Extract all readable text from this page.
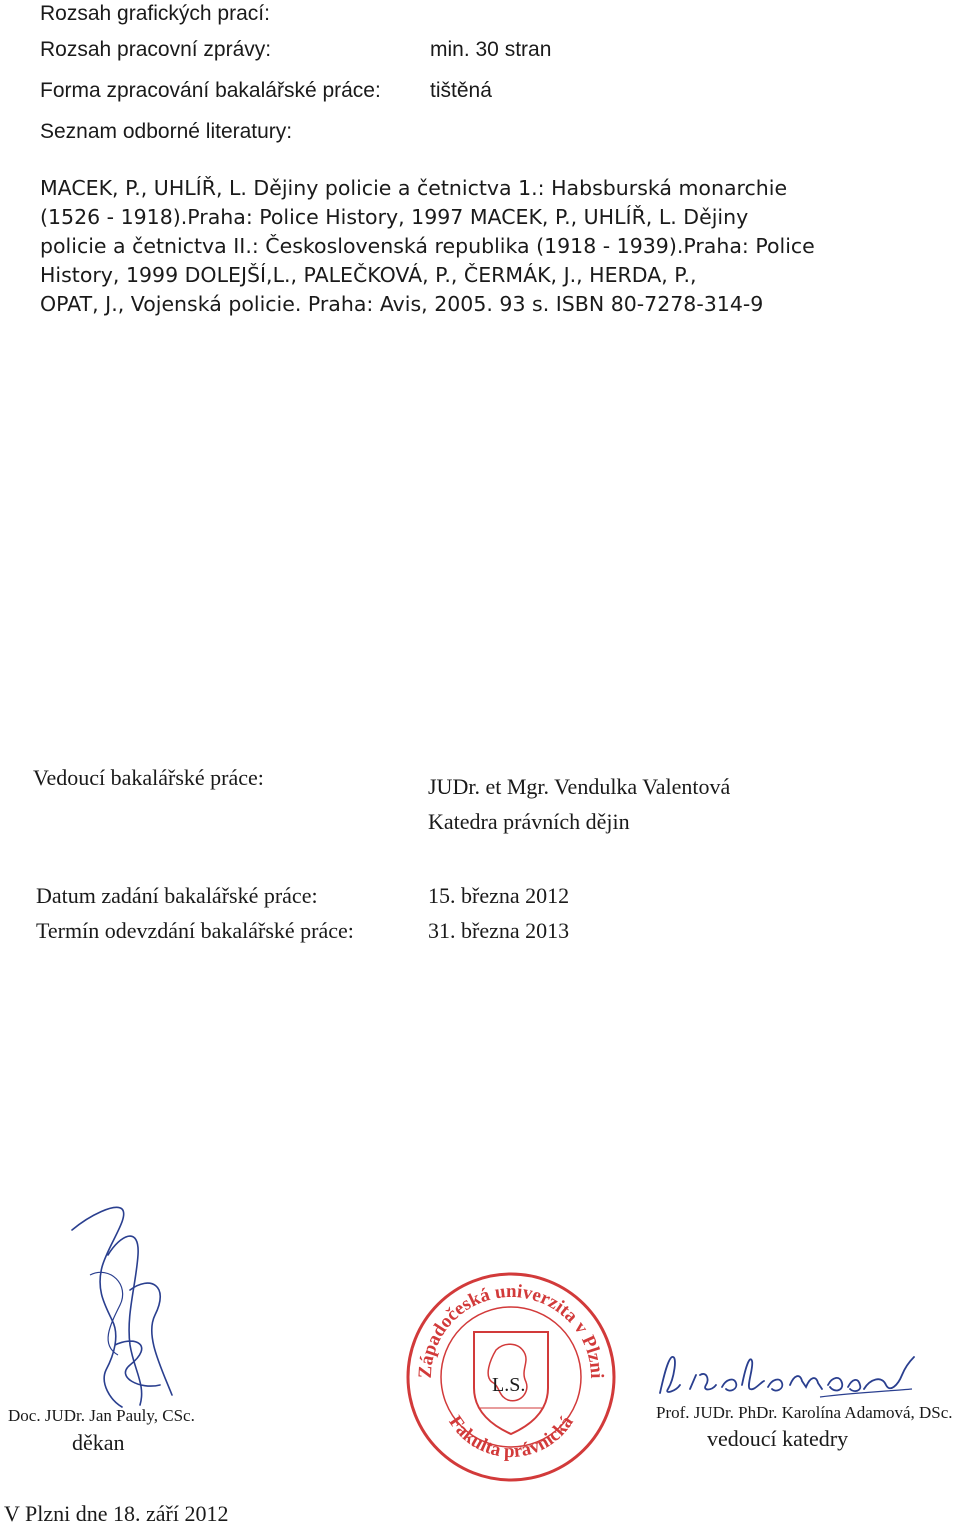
Rozsah grafických prací:
Rozsah pracovní zprávy:	min. 30 stran
Forma zpracování bakalářské práce: tištěná
Seznam odborné literatury:
MACEK, P., UHLÍŘ, L. Dějiny policie a četnictva 1.: Habsburská monarchie
(1526 - 1918).Praha: Police History, 1997 MACEK, P., UHLÍŘ, L. Dějiny
policie a četnictva II.: Československá republika (1918 - 1939).Praha: Police
History, 1999 DOLEJŠÍ,L., PALEČKOVÁ, P., ČERMÁK, J., HERDA, P.,
OPAT, J., Vojenská policie. Praha: Avis, 2005. 93 s. ISBN 80-7278-314-9
Vedoucí bakalářské práce:	JUDr. et Mgr. Vendulka Valentová
Katedra právních dějin
Datum zadání bakalářské práce:	15. března 2012
Termín odevzdání bakalářské práce:	31. března 2013
Doc. JUDr. Jan Pauly, CSc.
děkan
Západočeská univerzita v Plzni
Fakulta právnická
L.S.
Prof. JUDr. PhDr. Karolína Adamová, DSc.
vedoucí katedry
V Plzni dne 18. září 2012
